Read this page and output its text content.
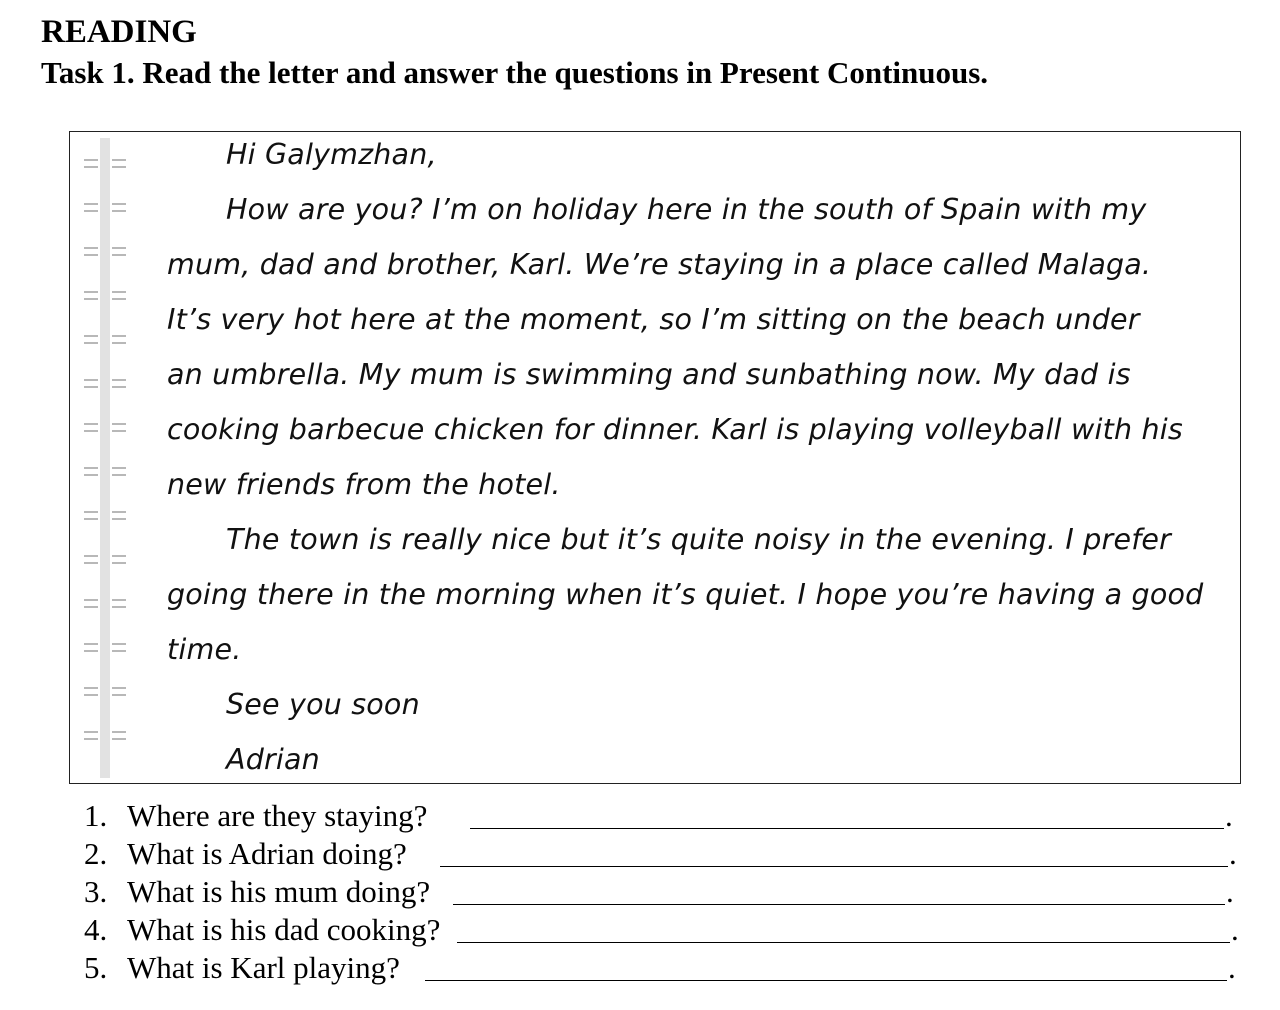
READING
Task 1. Read the letter and answer the questions in Present Continuous.
Hi Galymzhan,
How are you? I’m on holiday here in the south of Spain with my
mum, dad and brother, Karl. We’re staying in a place called Malaga.
It’s very hot here at the moment, so I’m sitting on the beach under
an umbrella. My mum is swimming and sunbathing now. My dad is
cooking barbecue chicken for dinner. Karl is playing volleyball with his
new friends from the hotel.
The town is really nice but it’s quite noisy in the evening. I prefer
going there in the morning when it’s quiet. I hope you’re having a good
time.
See you soon
Adrian
1. Where are they staying?	.
2. What is Adrian doing?	.
3. What is his mum doing?	.
4. What is his dad cooking?	.
5. What is Karl playing?	.
